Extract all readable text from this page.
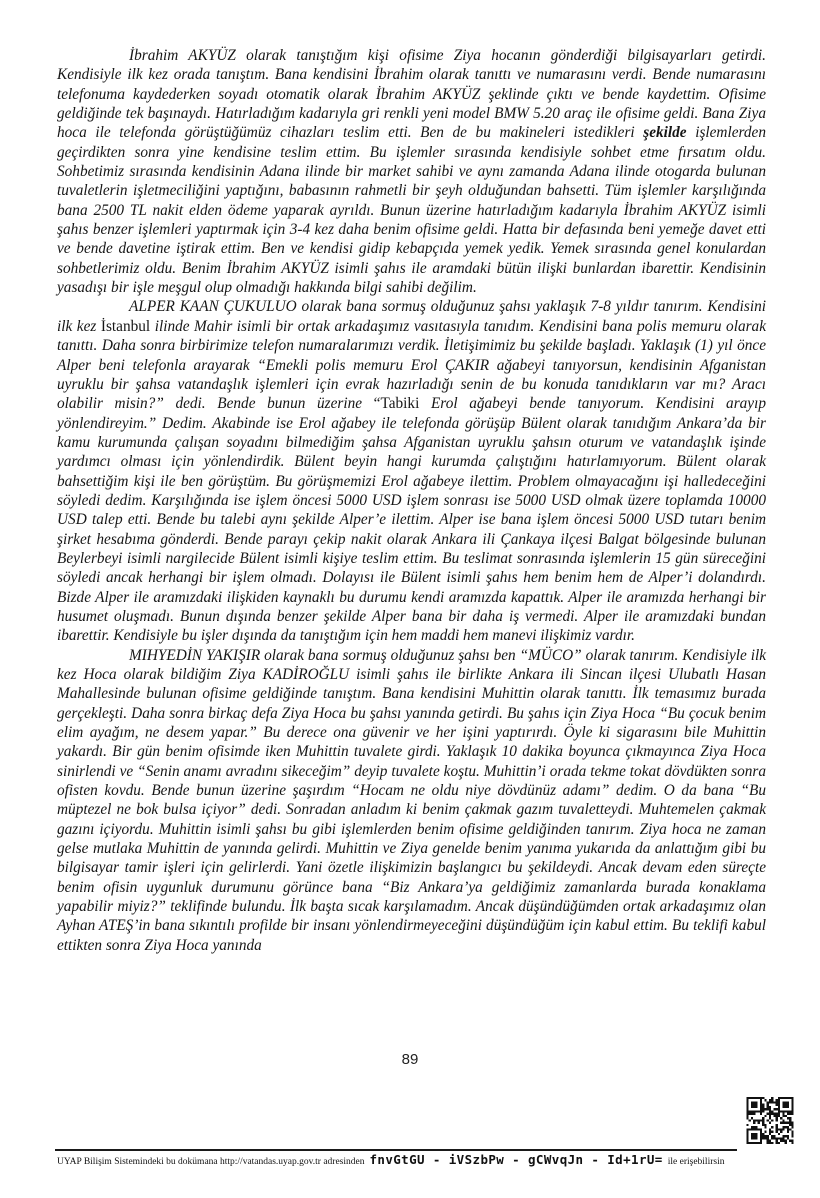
İbrahim AKYÜZ olarak tanıştığım kişi ofisime Ziya hocanın gönderdiği bilgisayarları getirdi. Kendisiyle ilk kez orada tanıştım. Bana kendisini İbrahim olarak tanıttı ve numarasını verdi. Bende numarasını telefonuma kaydederken soyadı otomatik olarak İbrahim AKYÜZ şeklinde çıktı ve bende kaydettim. Ofisime geldiğinde tek başınaydı. Hatırladığım kadarıyla gri renkli yeni model BMW 5.20 araç ile ofisime geldi. Bana Ziya hoca ile telefonda görüştüğümüz cihazları teslim etti. Ben de bu makineleri istedikleri şekilde işlemlerden geçirdikten sonra yine kendisine teslim ettim. Bu işlemler sırasında kendisiyle sohbet etme fırsatım oldu. Sohbetimiz sırasında kendisinin Adana ilinde bir market sahibi ve aynı zamanda Adana ilinde otogarda bulunan tuvaletlerin işletmeciliğini yaptığını, babasının rahmetli bir şeyh olduğundan bahsetti. Tüm işlemler karşılığında bana 2500 TL nakit elden ödeme yaparak ayrıldı. Bunun üzerine hatırladığım kadarıyla İbrahim AKYÜZ isimli şahıs benzer işlemleri yaptırmak için 3-4 kez daha benim ofisime geldi. Hatta bir defasında beni yemeğe davet etti ve bende davetine iştirak ettim. Ben ve kendisi gidip kebapçıda yemek yedik. Yemek sırasında genel konulardan sohbetlerimiz oldu. Benim İbrahim AKYÜZ isimli şahıs ile aramdaki bütün ilişki bunlardan ibarettir. Kendisinin yasadışı bir işle meşgul olup olmadığı hakkında bilgi sahibi değilim.

ALPER KAAN ÇUKULUO olarak bana sormuş olduğunuz şahsı yaklaşık 7-8 yıldır tanırım. Kendisini ilk kez İstanbul ilinde Mahir isimli bir ortak arkadaşımız vasıtasıyla tanıdım. Kendisini bana polis memuru olarak tanıttı. Daha sonra birbirimize telefon numaralarımızı verdik. İletişimimiz bu şekilde başladı. Yaklaşık (1) yıl önce Alper beni telefonla arayarak “Emekli polis memuru Erol ÇAKIR ağabeyi tanıyorsun, kendisinin Afganistan uyruklu bir şahsa vatandaşlık işlemleri için evrak hazırladığı senin de bu konuda tanıdıkların var mı? Aracı olabilir misin?” dedi. Bende bunun üzerine “Tabiki Erol ağabeyi bende tanıyorum. Kendisini arayıp yönlendireyim.” Dedim. Akabinde ise Erol ağabey ile telefonda görüşüp Bülent olarak tanıdığım Ankara’da bir kamu kurumunda çalışan soyadını bilmediğim şahsa Afganistan uyruklu şahsın oturum ve vatandaşlık işinde yardımcı olması için yönlendirdik. Bülent beyin hangi kurumda çalıştığını hatırlamıyorum. Bülent olarak bahsettiğim kişi ile ben görüştüm. Bu görüşmemizi Erol ağabeye ilettim. Problem olmayacağını işi halledeceğini söyledi dedim. Karşılığında ise işlem öncesi 5000 USD işlem sonrası ise 5000 USD olmak üzere toplamda 10000 USD talep etti. Bende bu talebi aynı şekilde Alper’e ilettim. Alper ise bana işlem öncesi 5000 USD tutarı benim şirket hesabıma gönderdi. Bende parayı çekip nakit olarak Ankara ili Çankaya ilçesi Balgat bölgesinde bulunan Beylerbeyi isimli nargilecide Bülent isimli kişiye teslim ettim. Bu teslimat sonrasında işlemlerin 15 gün süreceğini söyledi ancak herhangi bir işlem olmadı. Dolayısı ile Bülent isimli şahıs hem benim hem de Alper’i dolandırdı. Bizde Alper ile aramızdaki ilişkiden kaynaklı bu durumu kendi aramızda kapattık. Alper ile aramızda herhangi bir husumet oluşmadı. Bunun dışında benzer şekilde Alper bana bir daha iş vermedi. Alper ile aramızdaki bundan ibarettir. Kendisiyle bu işler dışında da tanıştığım için hem maddi hem manevi ilişkimiz vardır.

MIHYEDİN YAKIŞIR olarak bana sormuş olduğunuz şahsı ben “MÜCO” olarak tanırım. Kendisiyle ilk kez Hoca olarak bildiğim Ziya KADİROĞLU isimli şahıs ile birlikte Ankara ili Sincan ilçesi Ulubatlı Hasan Mahallesinde bulunan ofisime geldiğinde tanıştım. Bana kendisini Muhittin olarak tanıttı. İlk temasımız burada gerçekleşti. Daha sonra birkaç defa Ziya Hoca bu şahsı yanında getirdi. Bu şahıs için Ziya Hoca “Bu çocuk benim elim ayağım, ne desem yapar.” Bu derece ona güvenir ve her işini yaptırırdı. Öyle ki sigarasını bile Muhittin yakardı. Bir gün benim ofisimde iken Muhittin tuvalete girdi. Yaklaşık 10 dakika boyunca çıkmayınca Ziya Hoca sinirlendi ve “Senin anamı avradını sikeceğim” deyip tuvalete koştu. Muhittin’i orada tekme tokat dövdükten sonra ofisten kovdu. Bende bunun üzerine şaşırdım “Hocam ne oldu niye dövdünüz adamı” dedim. O da bana “Bu müptezel ne bok bulsa içiyor” dedi. Sonradan anladım ki benim çakmak gazım tuvaletteydi. Muhtemelen çakmak gazını içiyordu. Muhittin isimli şahsı bu gibi işlemlerden benim ofisime geldiğinden tanırım. Ziya hoca ne zaman gelse mutlaka Muhittin de yanında gelirdi. Muhittin ve Ziya genelde benim yanıma yukarıda da anlattığım gibi bu bilgisayar tamir işleri için gelirlerdi. Yani özetle ilişkimizin başlangıcı bu şekildeydi. Ancak devam eden süreçte benim ofisin uygunluk durumunu görünce bana “Biz Ankara’ya geldiğimiz zamanlarda burada konaklama yapabilir miyiz?” teklifinde bulundu. İlk başta sıcak karşılamadım. Ancak düşündüğümden ortak arkadaşımız olan Ayhan ATEŞ’in bana sıkıntılı profilde bir insanı yönlendirmeyeceğini düşündüğüm için kabul ettim. Bu teklifi kabul ettikten sonra Ziya Hoca yanında

89
UYAP Bilişim Sistemindeki bu dokümana http://vatandas.uyap.gov.tr adresinden fnvGtGU - iVSzbPw - gCWvqJn - Id+1rU= ile erişebilirsin
